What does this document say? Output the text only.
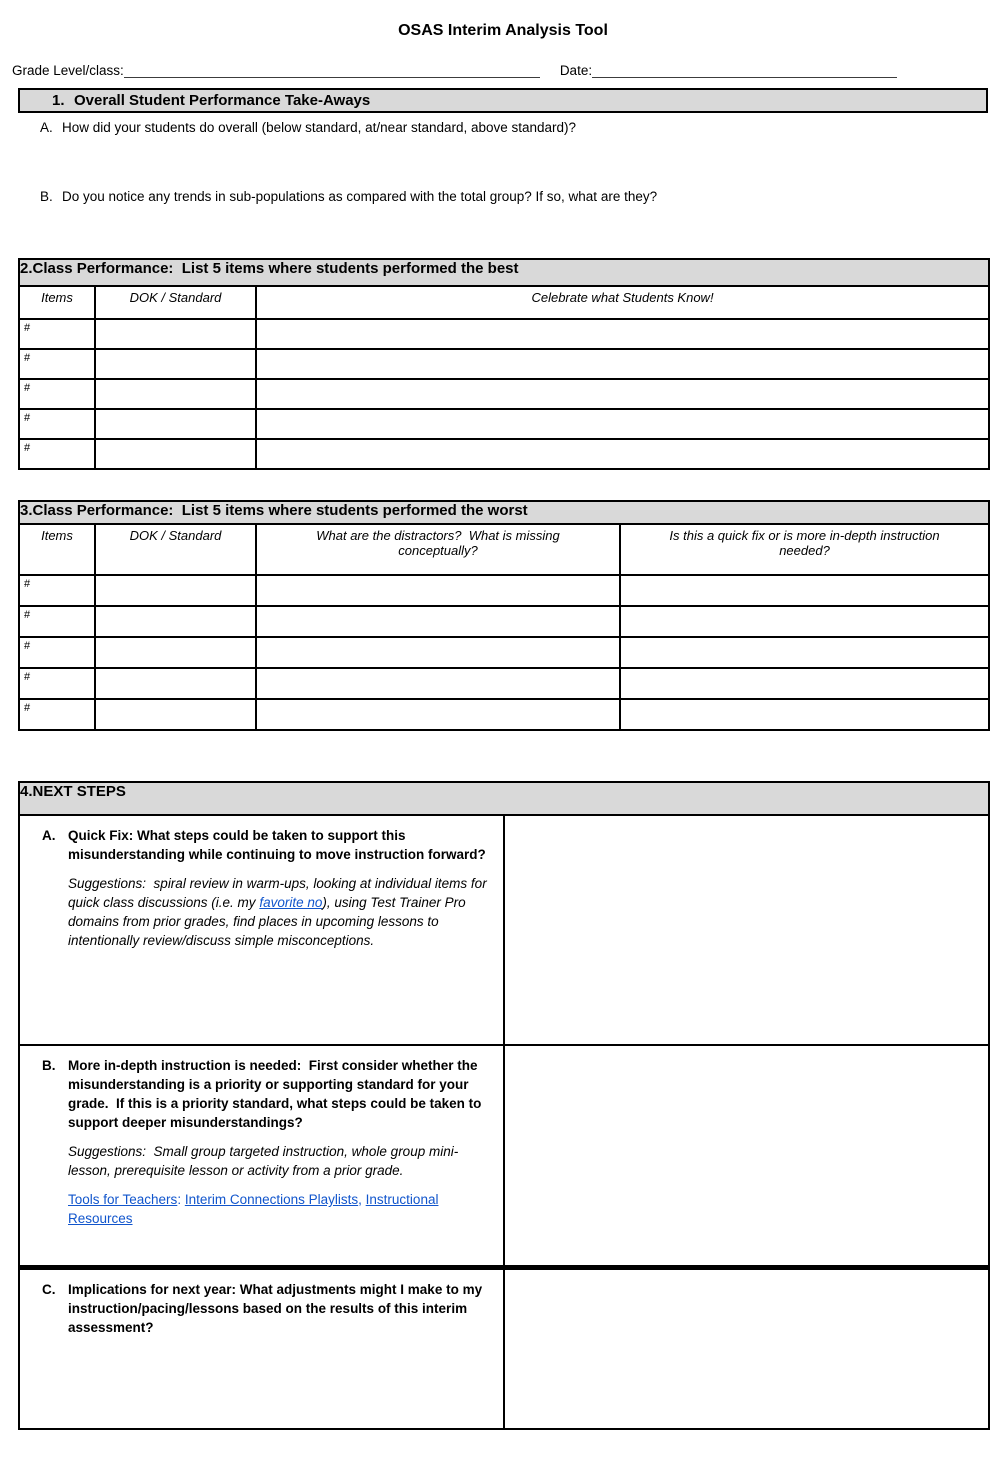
OSAS Interim Analysis Tool
Grade Level/class:	Date:
1. Overall Student Performance Take-Aways
A. How did your students do overall (below standard, at/near standard, above standard)?
B. Do you notice any trends in sub-populations as compared with the total group? If so, what are they?
2. Class Performance:  List 5 items where students performed the best		

Items	DOK / Standard	Celebrate what Students Know!
#		
#		
#		
#		
#		
3. Class Performance:  List 5 items where students performed the worst			

Items	DOK / Standard	What are the distractors?  What is missing conceptually?	Is this a quick fix or is more in-depth instruction needed?
#			
#			
#			
#			
#			
4. NEXT STEPS	

A. Quick Fix: What steps could be taken to support this misunderstanding while continuing to move instruction forward?
Suggestions:  spiral review in warm-ups, looking at individual items for quick class discussions (i.e. my favorite no), using Test Trainer Pro domains from prior grades, find places in upcoming lessons to intentionally review/discuss simple misconceptions.	

B. More in-depth instruction is needed:  First consider whether the misunderstanding is a priority or supporting standard for your grade.  If this is a priority standard, what steps could be taken to support deeper misunderstandings?
Suggestions:  Small group targeted instruction, whole group mini-lesson, prerequisite lesson or activity from a prior grade.
Tools for Teachers: Interim Connections Playlists, Instructional Resources	

C. Implications for next year: What adjustments might I make to my instruction/pacing/lessons based on the results of this interim assessment?	
